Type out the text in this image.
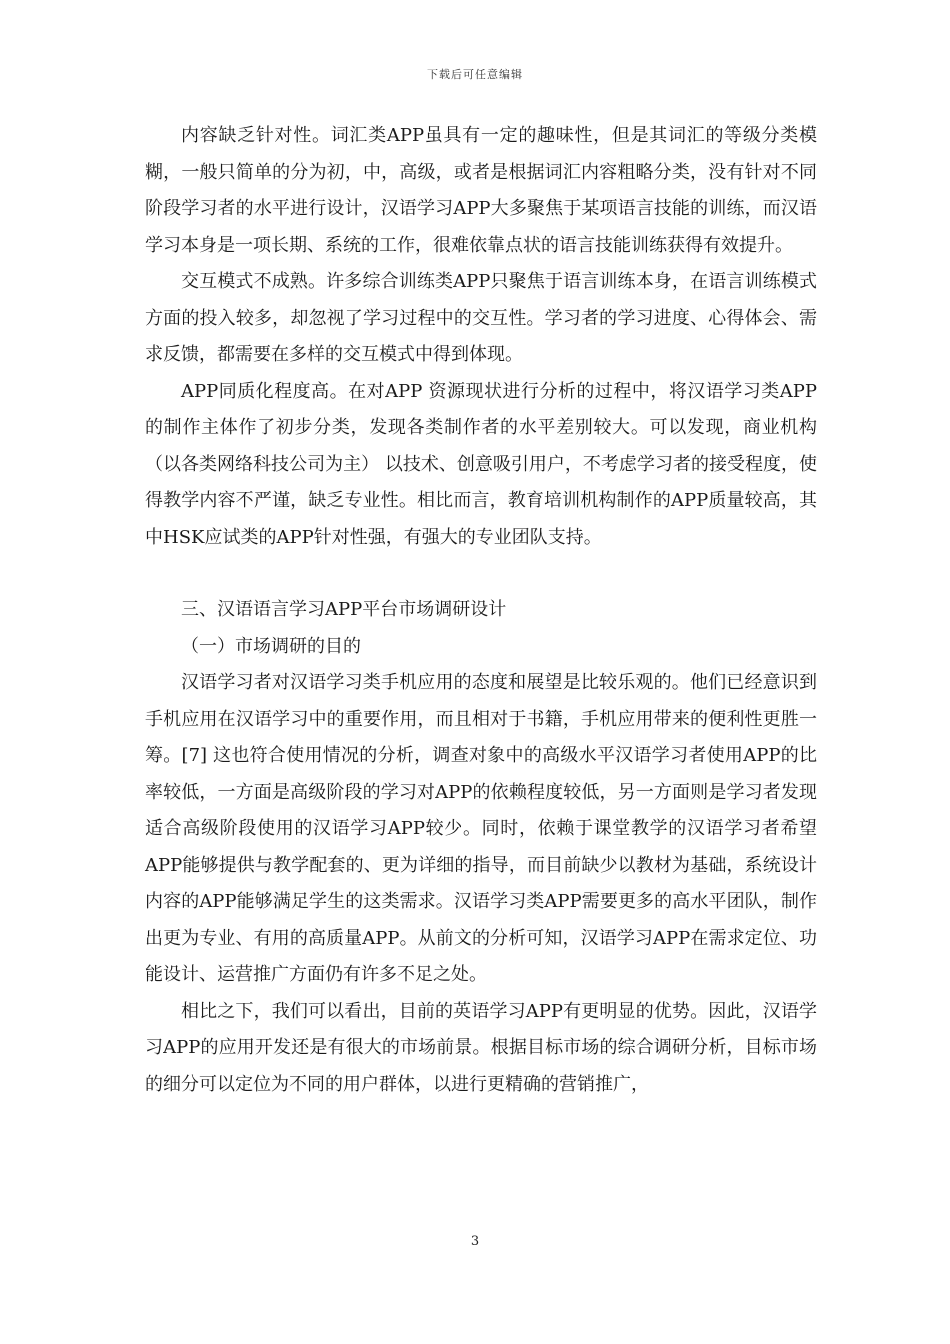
下载后可任意编辑

内容缺乏针对性。词汇类APP虽具有一定的趣味性，但是其词汇的等级分类模糊，一般只简单的分为初，中，高级，或者是根据词汇内容粗略分类，没有针对不同阶段学习者的水平进行设计，汉语学习APP大多聚焦于某项语言技能的训练，而汉语学习本身是一项长期、系统的工作，很难依靠点状的语言技能训练获得有效提升。

交互模式不成熟。许多综合训练类APP只聚焦于语言训练本身，在语言训练模式方面的投入较多，却忽视了学习过程中的交互性。学习者的学习进度、心得体会、需求反馈，都需要在多样的交互模式中得到体现。

APP同质化程度高。在对APP 资源现状进行分析的过程中，将汉语学习类APP 的制作主体作了初步分类，发现各类制作者的水平差别较大。可以发现，商业机构（以各类网络科技公司为主） 以技术、创意吸引用户，不考虑学习者的接受程度，使得教学内容不严谨，缺乏专业性。相比而言，教育培训机构制作的APP质量较高，其中HSK应试类的APP针对性强，有强大的专业团队支持。

三、汉语语言学习APP平台市场调研设计

（一）市场调研的目的

汉语学习者对汉语学习类手机应用的态度和展望是比较乐观的。他们已经意识到手机应用在汉语学习中的重要作用，而且相对于书籍，手机应用带来的便利性更胜一筹。[7] 这也符合使用情况的分析，调查对象中的高级水平汉语学习者使用APP的比率较低，一方面是高级阶段的学习对APP的依赖程度较低，另一方面则是学习者发现适合高级阶段使用的汉语学习APP较少。同时，依赖于课堂教学的汉语学习者希望APP能够提供与教学配套的、更为详细的指导，而目前缺少以教材为基础，系统设计内容的APP能够满足学生的这类需求。汉语学习类APP需要更多的高水平团队，制作出更为专业、有用的高质量APP。从前文的分析可知，汉语学习APP在需求定位、功能设计、运营推广方面仍有许多不足之处。

相比之下，我们可以看出，目前的英语学习APP有更明显的优势。因此，汉语学习APP的应用开发还是有很大的市场前景。根据目标市场的综合调研分析，目标市场的细分可以定位为不同的用户群体，以进行更精确的营销推广，

3
